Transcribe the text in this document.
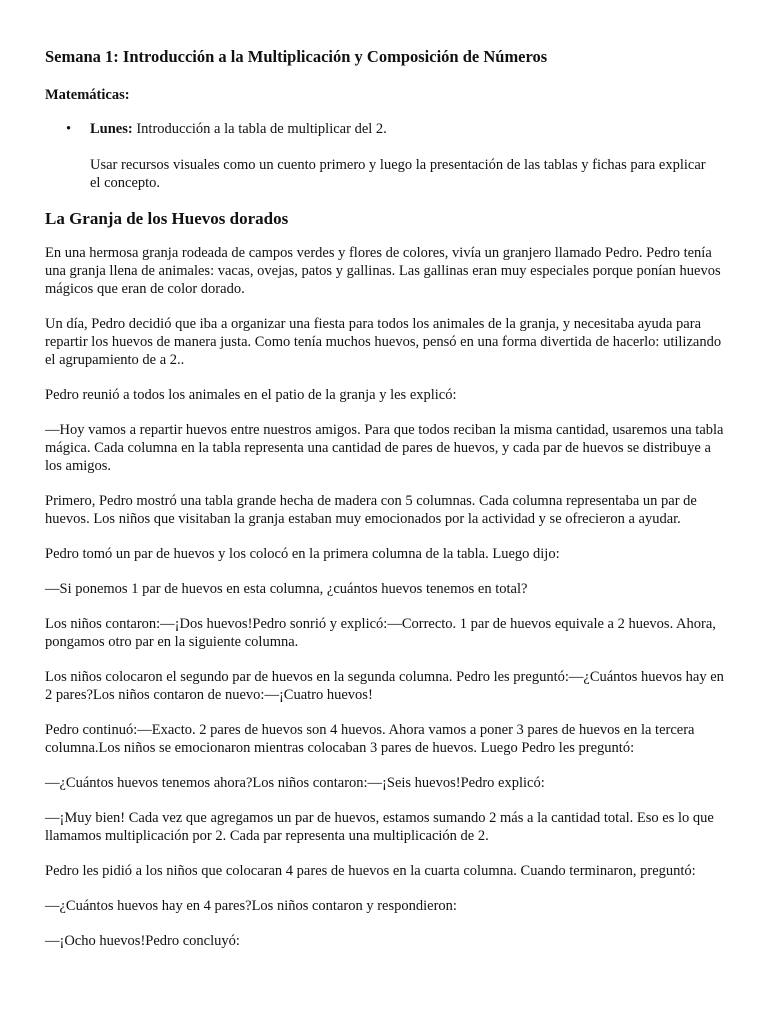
Semana 1: Introducción a la Multiplicación y Composición de Números
Matemáticas:
• Lunes: Introducción a la tabla de multiplicar del 2.
Usar recursos visuales como un cuento primero y luego la presentación de las tablas y fichas para explicar el concepto.
La Granja de los Huevos dorados

En una hermosa granja rodeada de campos verdes y flores de colores, vivía un granjero llamado Pedro. Pedro tenía una granja llena de animales: vacas, ovejas, patos y gallinas. Las gallinas eran muy especiales porque ponían huevos mágicos que eran de color dorado.

Un día, Pedro decidió que iba a organizar una fiesta para todos los animales de la granja, y necesitaba ayuda para repartir los huevos de manera justa. Como tenía muchos huevos, pensó en una forma divertida de hacerlo: utilizando el agrupamiento de a 2..

Pedro reunió a todos los animales en el patio de la granja y les explicó:

—Hoy vamos a repartir huevos entre nuestros amigos. Para que todos reciban la misma cantidad, usaremos una tabla mágica. Cada columna en la tabla representa una cantidad de pares de huevos, y cada par de huevos se distribuye a los amigos.

Primero, Pedro mostró una tabla grande hecha de madera con 5 columnas. Cada columna representaba un par de huevos. Los niños que visitaban la granja estaban muy emocionados por la actividad y se ofrecieron a ayudar.

Pedro tomó un par de huevos y los colocó en la primera columna de la tabla. Luego dijo:

—Si ponemos 1 par de huevos en esta columna, ¿cuántos huevos tenemos en total?

Los niños contaron:—¡Dos huevos!Pedro sonrió y explicó:—Correcto. 1 par de huevos equivale a 2 huevos. Ahora, pongamos otro par en la siguiente columna.

Los niños colocaron el segundo par de huevos en la segunda columna. Pedro les preguntó:—¿Cuántos huevos hay en 2 pares?Los niños contaron de nuevo:—¡Cuatro huevos!

Pedro continuó:—Exacto. 2 pares de huevos son 4 huevos. Ahora vamos a poner 3 pares de huevos en la tercera columna.Los niños se emocionaron mientras colocaban 3 pares de huevos. Luego Pedro les preguntó:

—¿Cuántos huevos tenemos ahora?Los niños contaron:—¡Seis huevos!Pedro explicó:

—¡Muy bien! Cada vez que agregamos un par de huevos, estamos sumando 2 más a la cantidad total. Eso es lo que llamamos multiplicación por 2. Cada par representa una multiplicación de 2.

Pedro les pidió a los niños que colocaran 4 pares de huevos en la cuarta columna. Cuando terminaron, preguntó:

—¿Cuántos huevos hay en 4 pares?Los niños contaron y respondieron:

—¡Ocho huevos!Pedro concluyó:
